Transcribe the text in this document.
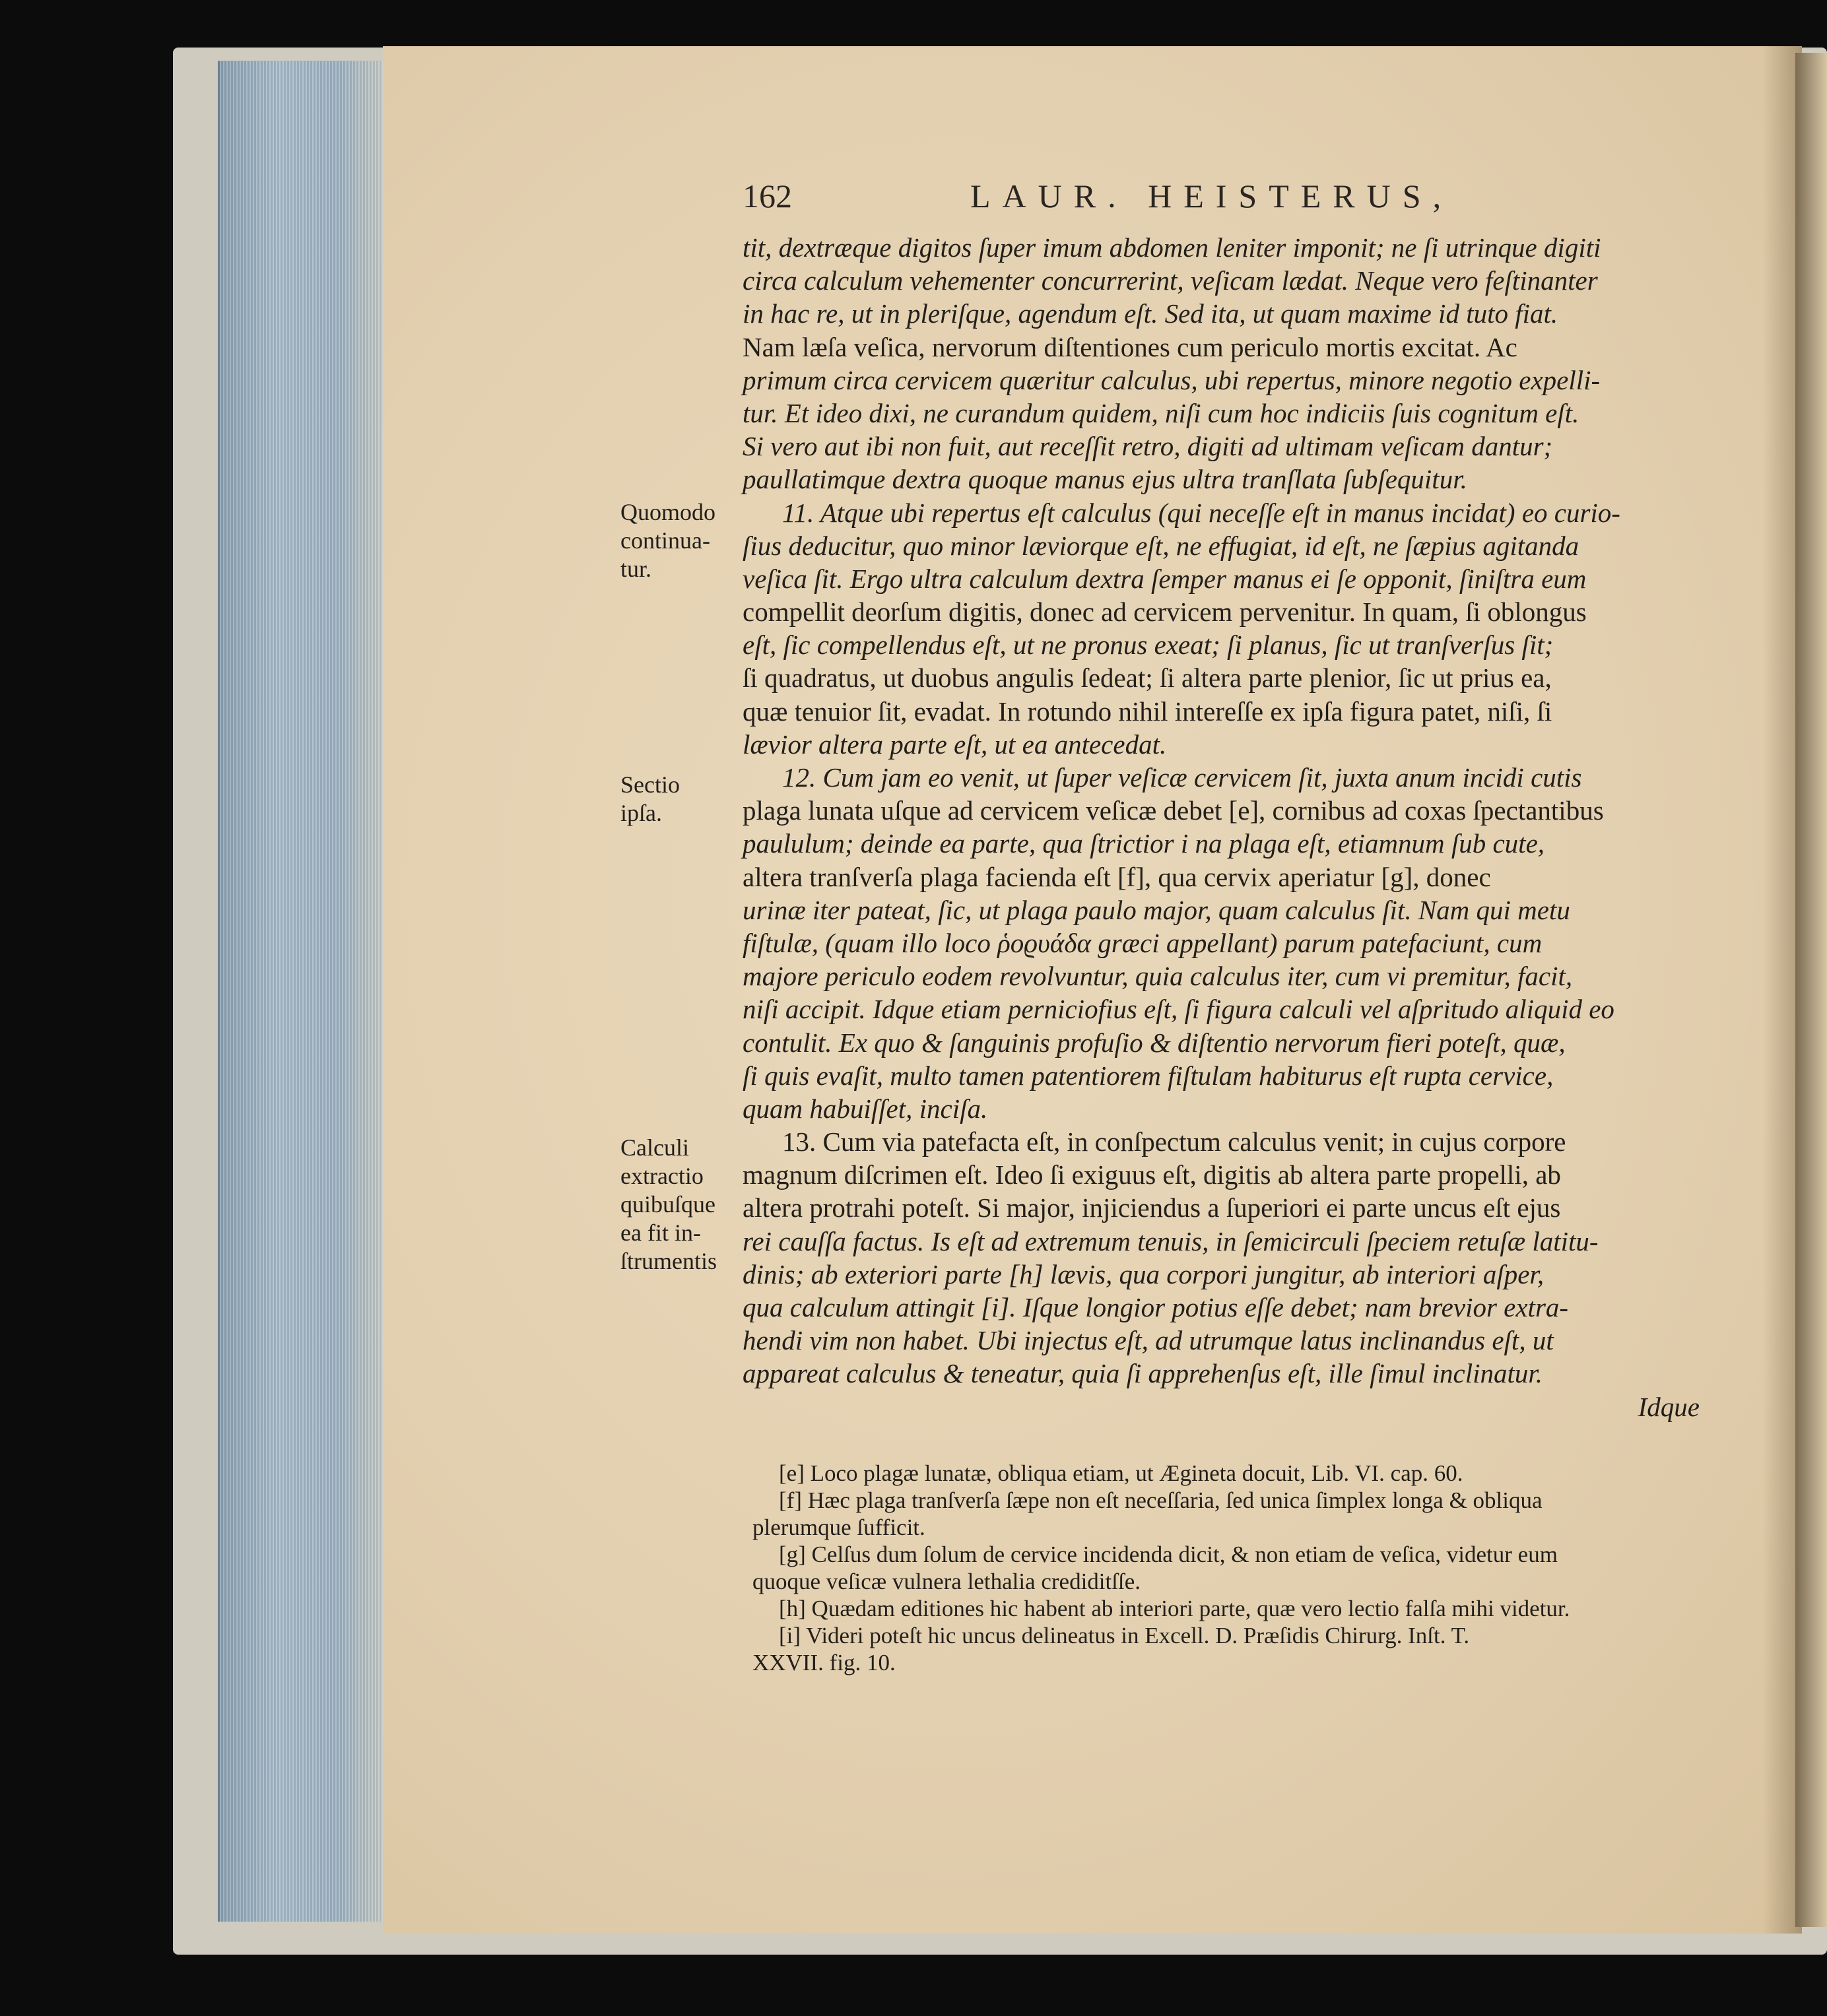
162	LAUR. HEISTERUS,
tit, dextræque digitos ſuper imum abdomen leniter imponit; ne ſi utrinque digiti
circa calculum vehementer concurrerint, veſicam lædat. Neque vero feſtinanter
in hac re, ut in pleriſque, agendum eſt. Sed ita, ut quam maxime id tuto fiat.
Nam læſa veſica, nervorum diſtentiones cum periculo mortis excitat. Ac
primum circa cervicem quæritur calculus, ubi repertus, minore negotio expelli-
tur. Et ideo dixi, ne curandum quidem, niſi cum hoc indiciis ſuis cognitum eſt.
Si vero aut ibi non fuit, aut receſſit retro, digiti ad ultimam veſicam dantur;
paullatimque dextra quoque manus ejus ultra tranſlata ſubſequitur.
11. Atque ubi repertus eſt calculus (qui neceſſe eſt in manus incidat) eo curio-
ſius deducitur, quo minor læviorque eſt, ne effugiat, id eſt, ne ſæpius agitanda
veſica ſit. Ergo ultra calculum dextra ſemper manus ei ſe opponit, ſiniſtra eum
compellit deorſum digitis, donec ad cervicem pervenitur. In quam, ſi oblongus
eſt, ſic compellendus eſt, ut ne pronus exeat; ſi planus, ſic ut tranſverſus ſit;
ſi quadratus, ut duobus angulis ſedeat; ſi altera parte plenior, ſic ut prius ea,
quæ tenuior ſit, evadat. In rotundo nihil intereſſe ex ipſa figura patet, niſi, ſi
lævior altera parte eſt, ut ea antecedat.
12. Cum jam eo venit, ut ſuper veſicæ cervicem ſit, juxta anum incidi cutis
plaga lunata uſque ad cervicem veſicæ debet [e], cornibus ad coxas ſpectantibus
paululum; deinde ea parte, qua ſtrictior i na plaga eſt, etiamnum ſub cute,
altera tranſverſa plaga facienda eſt [f], qua cervix aperiatur [g], donec
urinæ iter pateat, ſic, ut plaga paulo major, quam calculus ſit. Nam qui metu
fiſtulæ, (quam illo loco ῥοϱυάδα græci appellant) parum patefaciunt, cum
majore periculo eodem revolvuntur, quia calculus iter, cum vi premitur, facit,
niſi accipit. Idque etiam perniciofius eſt, ſi figura calculi vel aſpritudo aliquid eo
contulit. Ex quo & ſanguinis profuſio & diſtentio nervorum fieri poteſt, quæ,
ſi quis evaſit, multo tamen patentiorem fiſtulam habiturus eſt rupta cervice,
quam habuiſſet, inciſa.
13. Cum via patefacta eſt, in conſpectum calculus venit; in cujus corpore
magnum diſcrimen eſt. Ideo ſi exiguus eſt, digitis ab altera parte propelli, ab
altera protrahi poteſt. Si major, injiciendus a ſuperiori ei parte uncus eſt ejus
rei cauſſa factus. Is eſt ad extremum tenuis, in ſemicirculi ſpeciem retuſæ latitu-
dinis; ab exteriori parte [h] lævis, qua corpori jungitur, ab interiori aſper,
qua calculum attingit [i]. Iſque longior potius eſſe debet; nam brevior extra-
hendi vim non habet. Ubi injectus eſt, ad utrumque latus inclinandus eſt, ut
appareat calculus & teneatur, quia ſi apprehenſus eſt, ille ſimul inclinatur.
Idque
Quomodo
continua-
tur.
Sectio
ipſa.
Calculi
extractio
quibuſque
ea fit in-
ſtrumentis
[e] Loco plagæ lunatæ, obliqua etiam, ut Ægineta docuit, Lib. VI. cap. 60.
[f] Hæc plaga tranſverſa ſæpe non eſt neceſſaria, ſed unica ſimplex longa & obliqua
plerumque ſufficit.
[g] Celſus dum ſolum de cervice incidenda dicit, & non etiam de veſica, videtur eum
quoque veſicæ vulnera lethalia crediditſſe.
[h] Quædam editiones hic habent ab interiori parte, quæ vero lectio falſa mihi videtur.
[i] Videri poteſt hic uncus delineatus in Excell. D. Præſidis Chirurg. Inſt. T.
XXVII. fig. 10.
